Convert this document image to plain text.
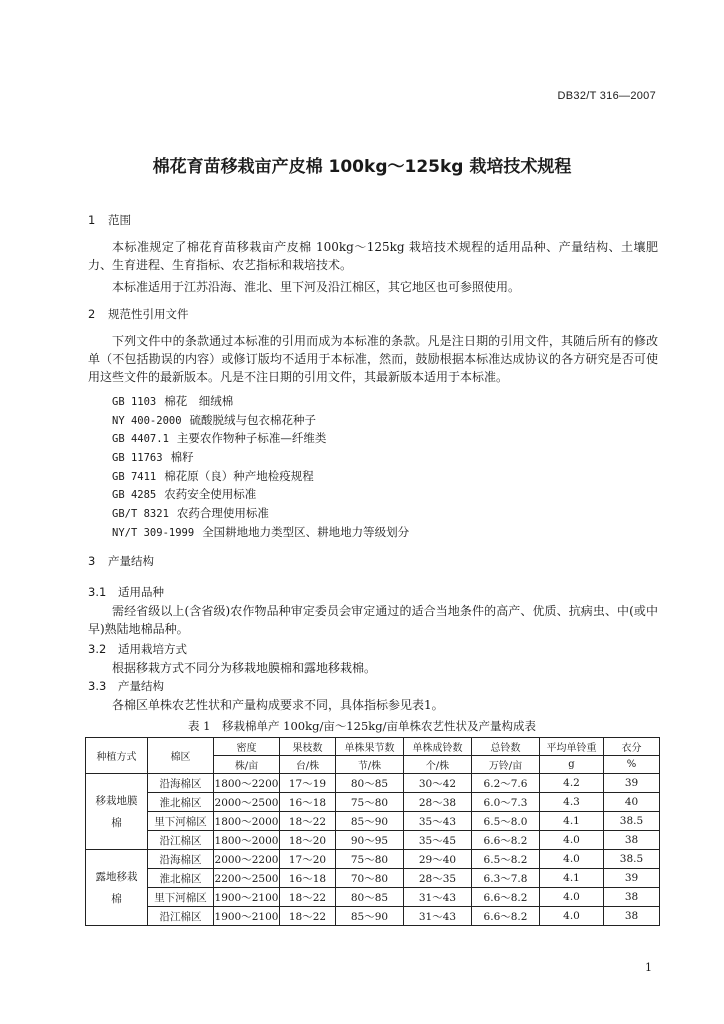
DB32/T 316—2007
棉花育苗移栽亩产皮棉 100kg～125kg 栽培技术规程
1 范围
本标准规定了棉花育苗移栽亩产皮棉 100kg～125kg 栽培技术规程的适用品种、产量结构、土壤肥力、生育进程、生育指标、农艺指标和栽培技术。
本标准适用于江苏沿海、淮北、里下河及沿江棉区，其它地区也可参照使用。
2 规范性引用文件
下列文件中的条款通过本标准的引用而成为本标准的条款。凡是注日期的引用文件，其随后所有的修改单（不包括勘误的内容）或修订版均不适用于本标准，然而，鼓励根据本标准达成协议的各方研究是否可使用这些文件的最新版本。凡是不注日期的引用文件，其最新版本适用于本标准。
GB 1103 棉花　细绒棉
NY 400-2000 硫酸脱绒与包衣棉花种子
GB 4407.1 主要农作物种子标准—纤维类
GB 11763 棉籽
GB 7411 棉花原（良）种产地检疫规程
GB 4285 农药安全使用标准
GB/T 8321 农药合理使用标准
NY/T 309-1999 全国耕地地力类型区、耕地地力等级划分
3 产量结构
3.1 适用品种
需经省级以上(含省级)农作物品种审定委员会审定通过的适合当地条件的高产、优质、抗病虫、中(或中早)熟陆地棉品种。
3.2 适用栽培方式
根据移栽方式不同分为移栽地膜棉和露地移栽棉。
3.3 产量结构
各棉区单株农艺性状和产量构成要求不同，具体指标参见表1。
表 1　移栽棉单产 100kg/亩～125kg/亩单株农艺性状及产量构成表
种植方式	棉区	密度	果枝数	单株果节数	单株成铃数	总铃数	平均单铃重	衣分
		株/亩	台/株	节/株	个/株	万铃/亩	g	%
移栽地膜棉	沿海棉区	1800～2200	17～19	80～85	30～42	6.2～7.6	4.2	39
	淮北棉区	2000～2500	16～18	75～80	28～38	6.0～7.3	4.3	40
	里下河棉区	1800～2000	18～22	85～90	35～43	6.5～8.0	4.1	38.5
	沿江棉区	1800～2000	18～20	90～95	35～45	6.6～8.2	4.0	38
露地移栽棉	沿海棉区	2000～2200	17～20	75～80	29～40	6.5～8.2	4.0	38.5
	淮北棉区	2200～2500	16～18	70～80	28～35	6.3～7.8	4.1	39
	里下河棉区	1900～2100	18～22	80～85	31～43	6.6～8.2	4.0	38
	沿江棉区	1900～2100	18～22	85～90	31～43	6.6～8.2	4.0	38
1
